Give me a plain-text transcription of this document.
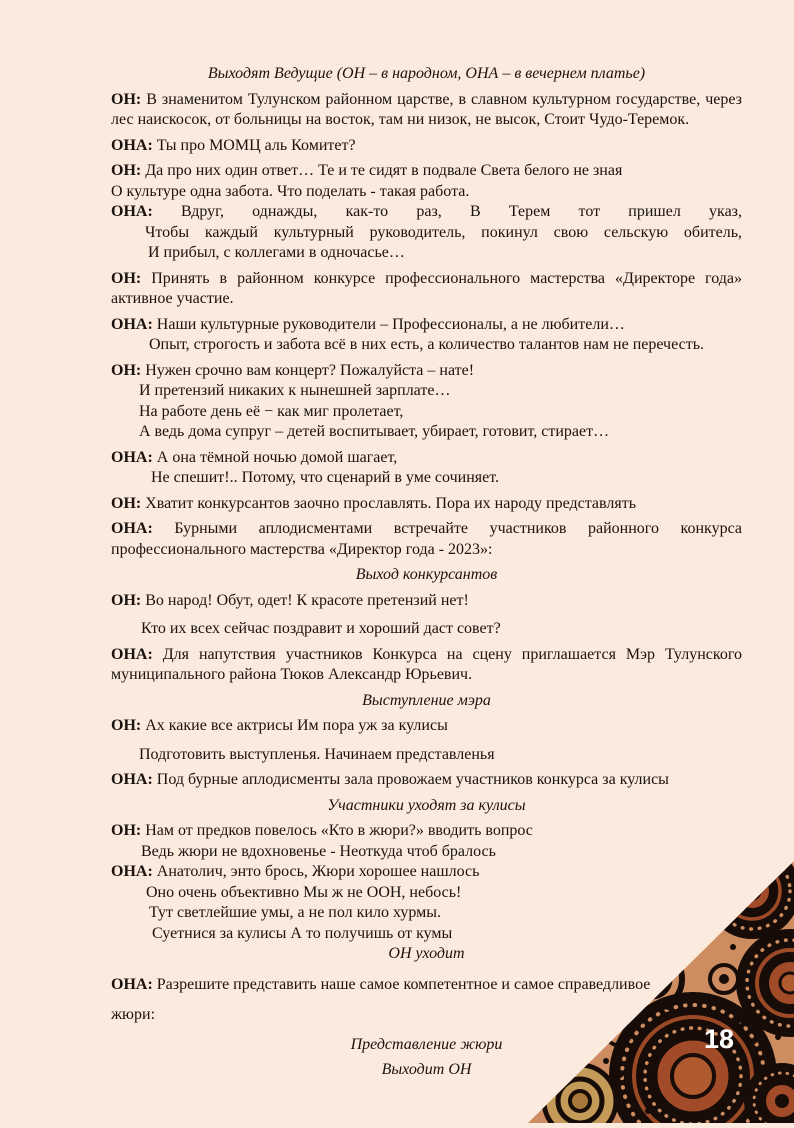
Выходят Ведущие (ОН – в народном, ОНА – в вечернем платье)
ОН: В знаменитом Тулунском районном царстве, в славном культурном государстве, через
лес наискосок, от больницы на восток, там ни низок, не высок, Стоит Чудо-Теремок.
ОНА: Ты про МОМЦ аль Комитет?
ОН: Да про них один ответ… Те и те сидят в подвале Света белого не зная
О культуре одна забота. Что поделать - такая работа.
ОНА: Вдруг, однажды, как-то раз, В Терем тот пришел указ,
Чтобы каждый культурный руководитель, покинул свою сельскую обитель,
И прибыл, с коллегами в одночасье…
ОН: Принять в районном конкурсе профессионального мастерства «Директоре года»
активное участие.
ОНА: Наши культурные руководители – Профессионалы, а не любители…
Опыт, строгость и забота всё в них есть, а количество талантов нам не перечесть.
ОН: Нужен срочно вам концерт? Пожалуйста – нате!
И претензий никаких к нынешней зарплате…
На работе день её − как миг пролетает,
А ведь дома супруг – детей воспитывает, убирает, готовит, стирает…
ОНА: А она тёмной ночью домой шагает,
Не спешит!.. Потому, что сценарий в уме сочиняет.
ОН: Хватит конкурсантов заочно прославлять. Пора их народу представлять
ОНА: Бурными аплодисментами встречайте участников районного конкурса
профессионального мастерства «Директор года - 2023»:
Выход конкурсантов
ОН: Во народ! Обут, одет! К красоте претензий нет!
Кто их всех сейчас поздравит и хороший даст совет?
ОНА: Для напутствия участников Конкурса на сцену приглашается Мэр Тулунского
муниципального района Тюков Александр Юрьевич.
Выступление мэра
ОН: Ах какие все актрисы Им пора уж за кулисы
Подготовить выступленья. Начинаем представленья
ОНА: Под бурные аплодисменты зала провожаем участников конкурса за кулисы
Участники уходят за кулисы
ОН: Нам от предков повелось «Кто в жюри?» вводить вопрос
Ведь жюри не вдохновенье - Неоткуда чтоб бралось
ОНА: Анатолич, энто брось, Жюри хорошее нашлось
Оно очень объективно Мы ж не ООН, небось!
Тут светлейшие умы, а не пол кило хурмы.
Суетнися за кулисы А то получишь от кумы
ОН уходит
ОНА: Разрешите представить наше самое компетентное и самое справедливое
жюри:
Представление жюри
Выходит ОН
18
